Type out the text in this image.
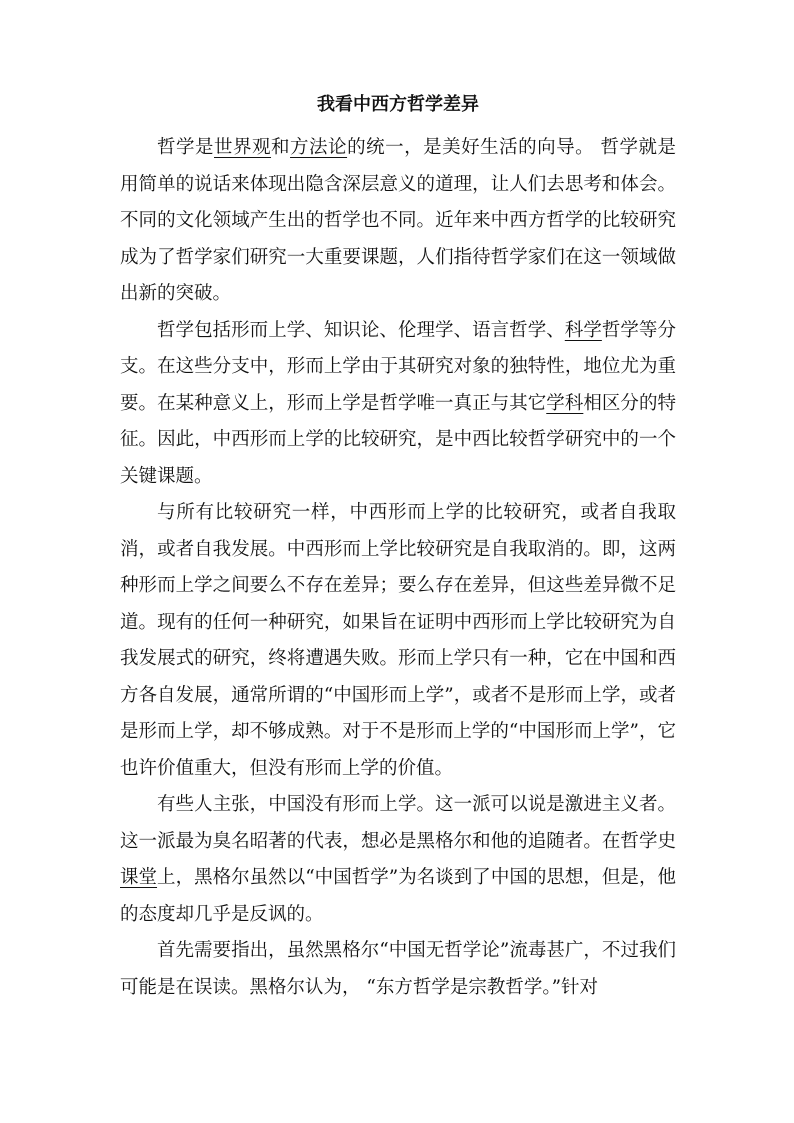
我看中西方哲学差异

哲学是世界观和方法论的统一，是美好生活的向导。 哲学就是用简单的说话来体现出隐含深层意义的道理，让人们去思考和体会。 不同的文化领域产生出的哲学也不同。近年来中西方哲学的比较研究成为了哲学家们研究一大重要课题，人们指待哲学家们在这一领域做出新的突破。

哲学包括形而上学、知识论、伦理学、语言哲学、科学哲学等分支。在这些分支中，形而上学由于其研究对象的独特性，地位尤为重要。在某种意义上，形而上学是哲学唯一真正与其它学科相区分的特征。因此，中西形而上学的比较研究，是中西比较哲学研究中的一个关键课题。

与所有比较研究一样，中西形而上学的比较研究，或者自我取消，或者自我发展。中西形而上学比较研究是自我取消的。即，这两种形而上学之间要么不存在差异；要么存在差异，但这些差异微不足道。现有的任何一种研究，如果旨在证明中西形而上学比较研究为自我发展式的研究，终将遭遇失败。形而上学只有一种，它在中国和西方各自发展，通常所谓的“中国形而上学”，或者不是形而上学，或者是形而上学，却不够成熟。对于不是形而上学的“中国形而上学”，它也许价值重大，但没有形而上学的价值。

有些人主张，中国没有形而上学。这一派可以说是激进主义者。这一派最为臭名昭著的代表，想必是黑格尔和他的追随者。在哲学史课堂上，黑格尔虽然以“中国哲学”为名谈到了中国的思想，但是，他的态度却几乎是反讽的。

首先需要指出，虽然黑格尔“中国无哲学论”流毒甚广，不过我们可能是在误读。黑格尔认为， “东方哲学是宗教哲学。”针对
